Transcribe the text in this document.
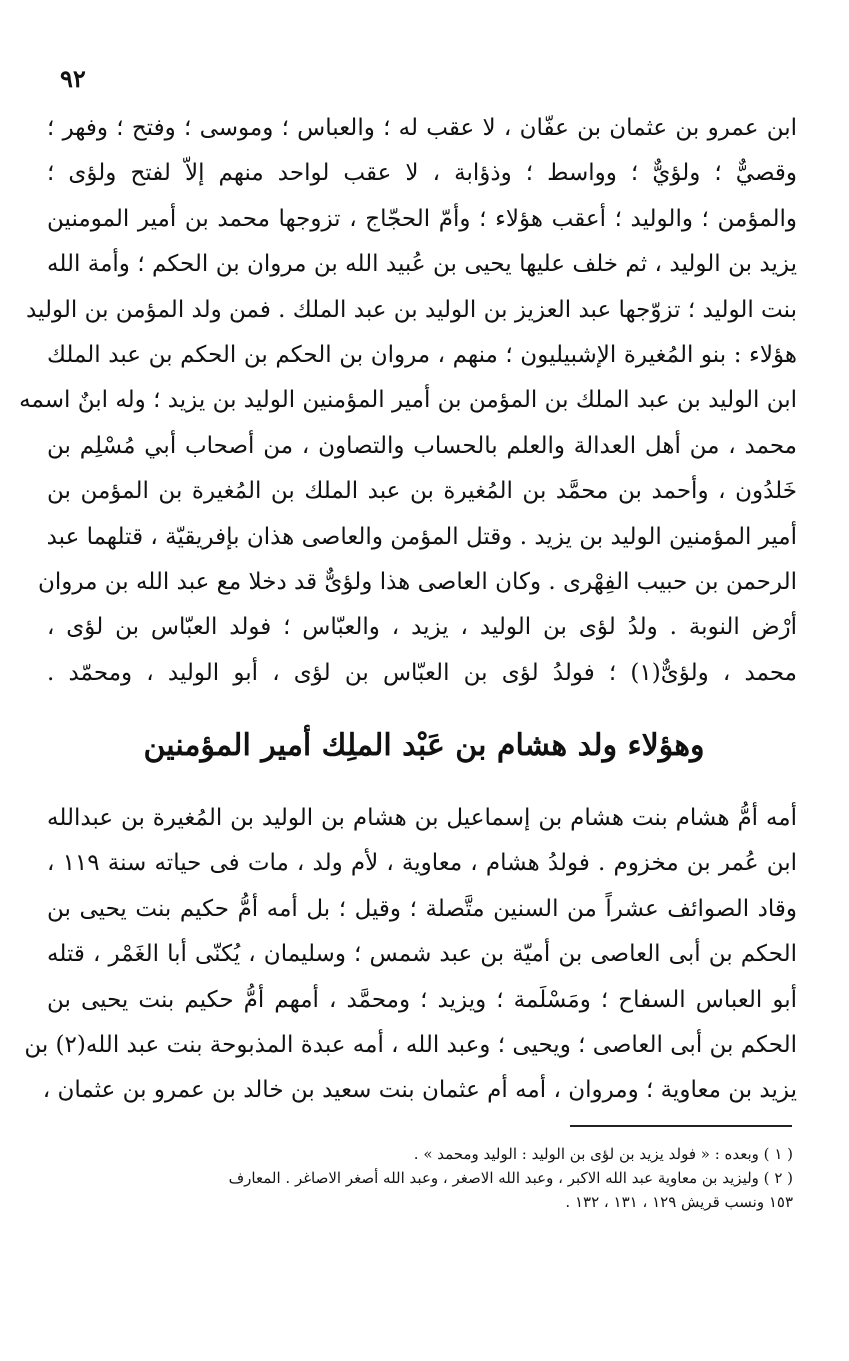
٩٢
ابن عمرو بن عثمان بن عفّان ، لا عقب له ؛ والعباس ؛ وموسى ؛ وفتح ؛ وفهر ؛
وقصيٌّ ؛ ولؤيٌّ ؛ وواسط ؛ وذؤابة ، لا عقب لواحد منهم إلاّ لفتح ولؤى ؛
والمؤمن ؛ والوليد ؛ أعقب هؤلاء ؛ وأمّ الحجّاج ، تزوجها محمد بن أمير المومنين
يزيد بن الوليد ، ثم خلف عليها يحيى بن عُبيد الله بن مروان بن الحكم ؛ وأمة الله
بنت الوليد ؛ تزوّجها عبد العزيز بن الوليد بن عبد الملك . فمن ولد المؤمن بن الوليد
هؤلاء : بنو المُغيرة الإشبيليون ؛ منهم ، مروان بن الحكم بن الحكم بن عبد الملك
ابن الوليد بن عبد الملك بن المؤمن بن أمير المؤمنين الوليد بن يزيد ؛ وله ابنٌ اسمه
محمد ، من أهل العدالة والعلم بالحساب والتصاون ، من أصحاب أبي مُسْلِم بن
خَلدُون ، وأحمد بن محمَّد بن المُغيرة بن عبد الملك بن المُغيرة بن المؤمن بن
أمير المؤمنين الوليد بن يزيد . وقتل المؤمن والعاصى هذان بإفريقيّة ، قتلهما عبد
الرحمن بن حبيب الفِهْرى . وكان العاصى هذا ولؤىٌّ قد دخلا مع عبد الله بن مروان
أرْض النوبة . ولدُ لؤى بن الوليد ، يزيد ، والعبّاس ؛ فولد العبّاس بن لؤى ،
محمد ، ولؤىٌّ(١) ؛ فولدُ لؤى بن العبّاس بن لؤى ، أبو الوليد ، ومحمّد .
وهؤلاء ولد هشام بن عَبْد الملِك أمير المؤمنين
أمه أمُّ هشام بنت هشام بن إسماعيل بن هشام بن الوليد بن المُغيرة بن عبدالله
ابن عُمر بن مخزوم . فولدُ هشام ، معاوية ، لأم ولد ، مات فى حياته سنة ١١٩ ،
وقاد الصوائف عشراً من السنين متَّصلة ؛ وقيل ؛ بل أمه أمُّ حكيم بنت يحيى بن
الحكم بن أبى العاصى بن أميّة بن عبد شمس ؛ وسليمان ، يُكنّى أبا الغَمْر ، قتله
أبو العباس السفاح ؛ ومَسْلَمة ؛ ويزيد ؛ ومحمَّد ، أمهم أمُّ حكيم بنت يحيى بن
الحكم بن أبى العاصى ؛ ويحيى ؛ وعبد الله ، أمه عبدة المذبوحة بنت عبد الله(٢) بن
يزيد بن معاوية ؛ ومروان ، أمه أم عثمان بنت سعيد بن خالد بن عمرو بن عثمان ،
( ١ ) وبعده : « فولد يزيد بن لؤى بن الوليد : الوليد ومحمد » .
( ٢ ) وليزيد بن معاوية عبد الله الاكبر ، وعبد الله الاصغر ، وعبد الله أصغر الاصاغر . المعارف
١٥٣ ونسب قريش ١٢٩ ، ١٣١ ، ١٣٢ .
